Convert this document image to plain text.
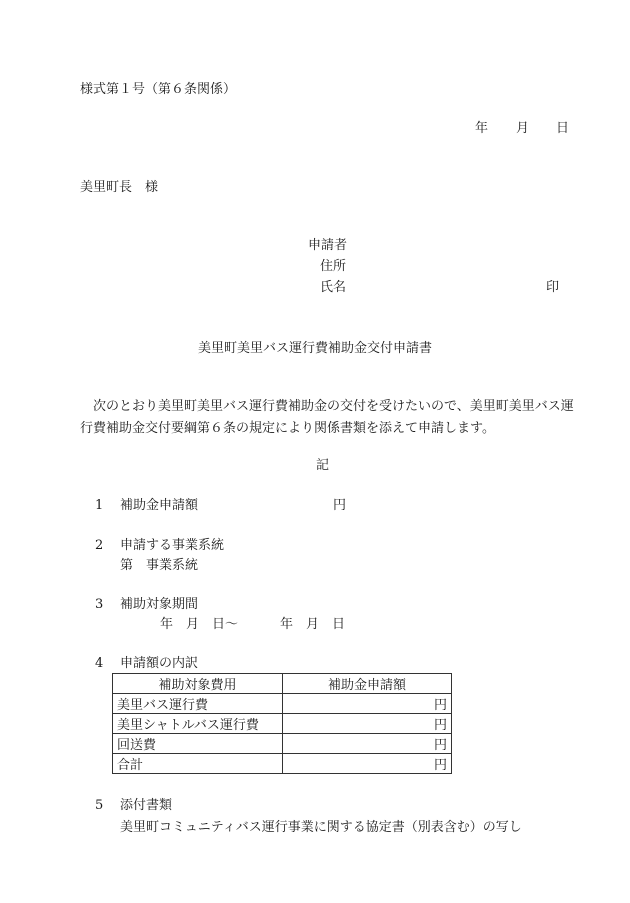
様式第１号（第６条関係）
年 月 日
美里町長　様
申請者
住所
氏名	印
美里町美里バス運行費補助金交付申請書
次のとおり美里町美里バス運行費補助金の交付を受けたいので、美里町美里バス運行費補助金交付要綱第６条の規定により関係書類を添えて申請します。
記
1 補助金申請額	円
2 申請する事業系統
第　事業系統
3 補助対象期間
年　月　日～	年　月　日
4 申請額の内訳
補助対象費用	補助金申請額
美里バス運行費	円
美里シャトルバス運行費	円
回送費	円
合計	円
5 添付書類
美里町コミュニティバス運行事業に関する協定書（別表含む）の写し
